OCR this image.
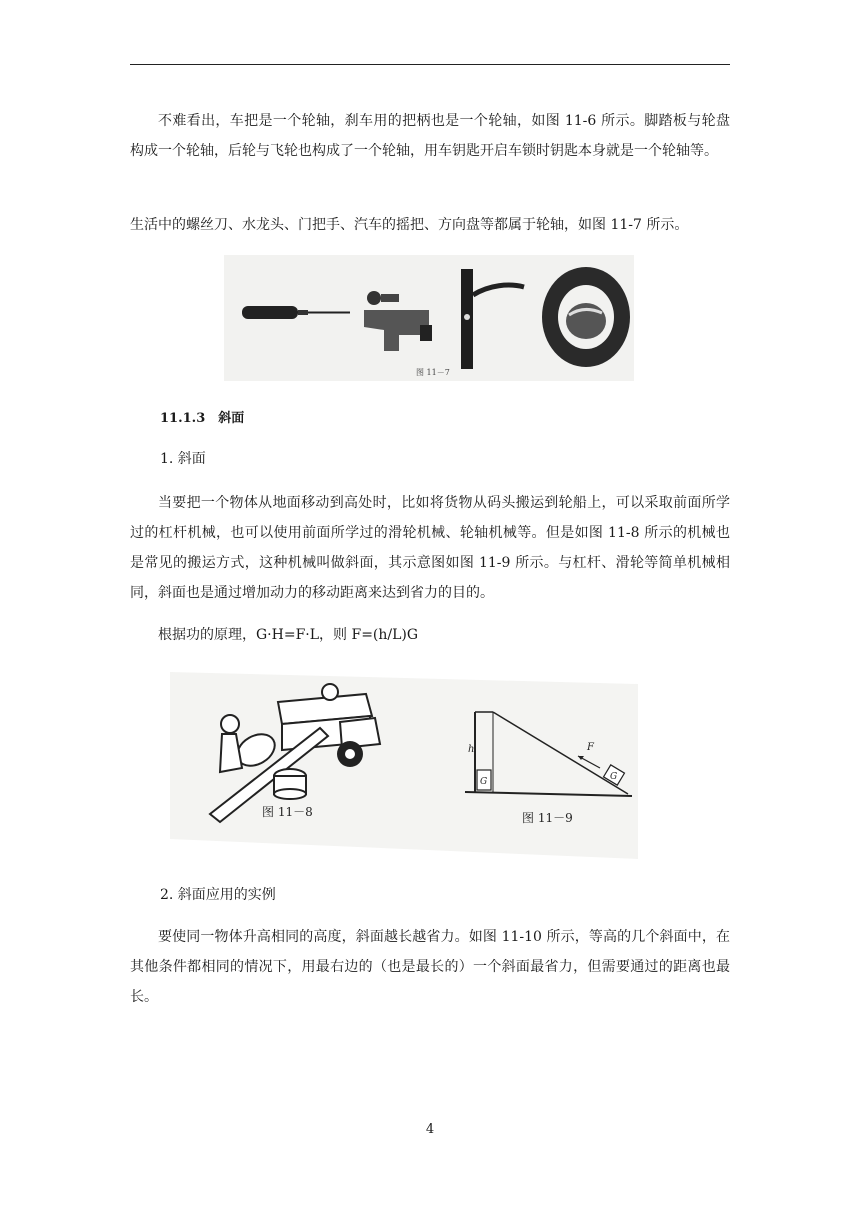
不难看出，车把是一个轮轴，刹车用的把柄也是一个轮轴，如图 11-6 所示。脚踏板与轮盘构成一个轮轴，后轮与飞轮也构成了一个轮轴，用车钥匙开启车锁时钥匙本身就是一个轮轴等。

生活中的螺丝刀、水龙头、门把手、汽车的摇把、方向盘等都属于轮轴，如图 11-7 所示。

图 11－7
11.1.3　斜面
1. 斜面

当要把一个物体从地面移动到高处时，比如将货物从码头搬运到轮船上，可以采取前面所学过的杠杆机械，也可以使用前面所学过的滑轮机械、轮轴机械等。但是如图 11-8 所示的机械也是常见的搬运方式，这种机械叫做斜面，其示意图如图 11-9 所示。与杠杆、滑轮等简单机械相同，斜面也是通过增加动力的移动距离来达到省力的目的。

根据功的原理，G·H=F·L，则 F=(h/L)G

图 11－8
h	F
G	G
图 11－9
2. 斜面应用的实例

要使同一物体升高相同的高度，斜面越长越省力。如图 11-10 所示，等高的几个斜面中，在其他条件都相同的情况下，用最右边的（也是最长的）一个斜面最省力，但需要通过的距离也最长。

4
